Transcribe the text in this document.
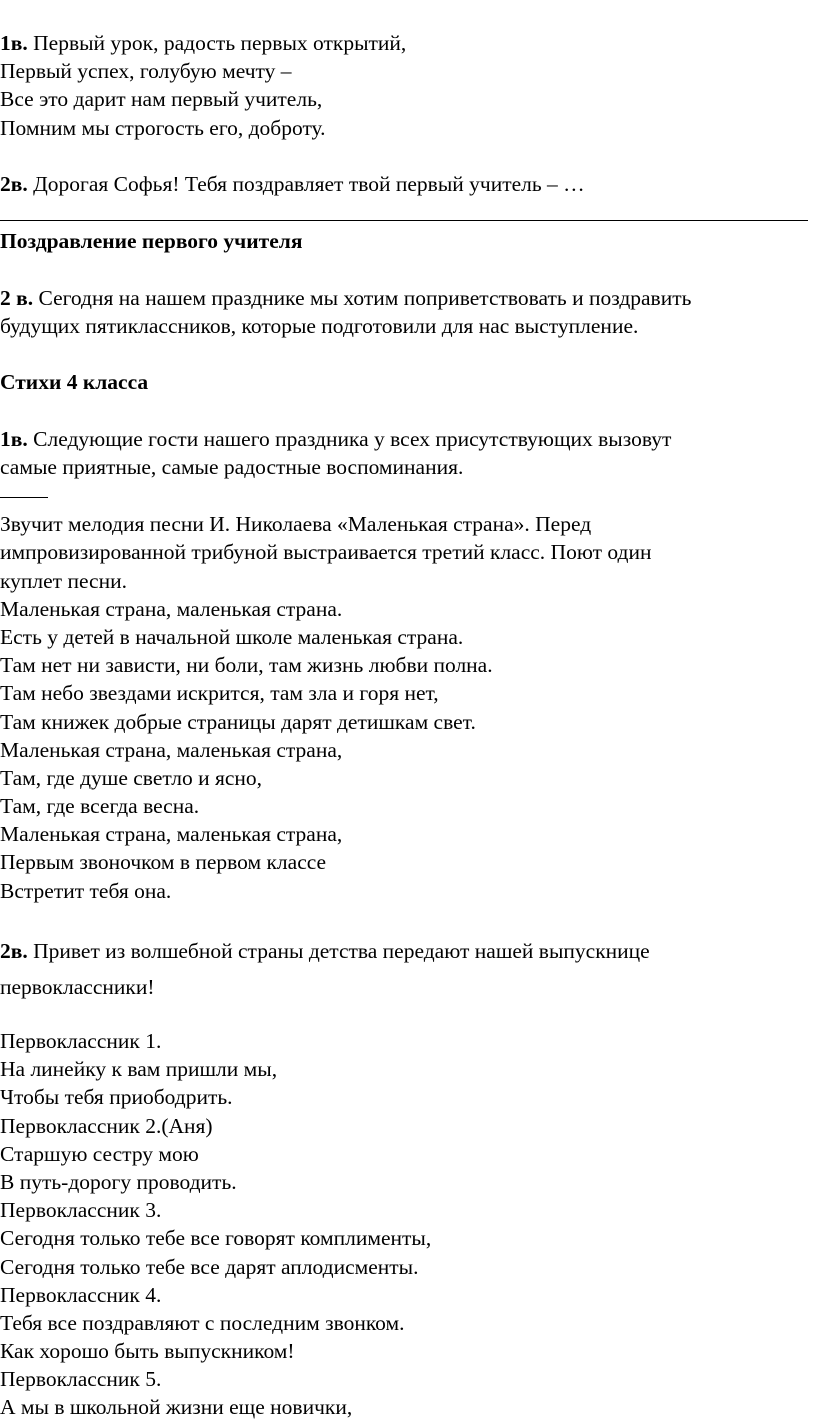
1в. Первый урок, радость первых открытий,
Первый успех, голубую мечту –
Все это дарит нам первый учитель,
Помним мы строгость его, доброту.
2в. Дорогая Софья! Тебя поздравляет твой первый учитель – …
Поздравление первого учителя
2 в. Сегодня на нашем празднике мы хотим поприветствовать и поздравить
будущих пятиклассников, которые подготовили для нас выступление.
Стихи 4 класса
1в. Следующие гости нашего праздника у всех присутствующих вызовут
самые приятные, самые радостные воспоминания.
Звучит мелодия песни И. Николаева «Маленькая страна». Перед
импровизированной трибуной выстраивается третий класс. Поют один
куплет песни.
Маленькая страна, маленькая страна.
Есть у детей в начальной школе маленькая страна.
Там нет ни зависти, ни боли, там жизнь любви полна.
Там небо звездами искрится, там зла и горя нет,
Там книжек добрые страницы дарят детишкам свет.
Маленькая страна, маленькая страна,
Там, где душе светло и ясно,
Там, где всегда весна.
Маленькая страна, маленькая страна,
Первым звоночком в первом классе
Встретит тебя она.
2в. Привет из волшебной страны детства передают нашей выпускнице
первоклассники!
Первоклассник 1.
На линейку к вам пришли мы,
Чтобы тебя приободрить.
Первоклассник 2.(Аня)
Старшую сестру мою
В путь-дорогу проводить.
Первоклассник 3.
Сегодня только тебе все говорят комплименты,
Сегодня только тебе все дарят аплодисменты.
Первоклассник 4.
Тебя все поздравляют с последним звонком.
Как хорошо быть выпускником!
Первоклассник 5.
А мы в школьной жизни еще новички,
